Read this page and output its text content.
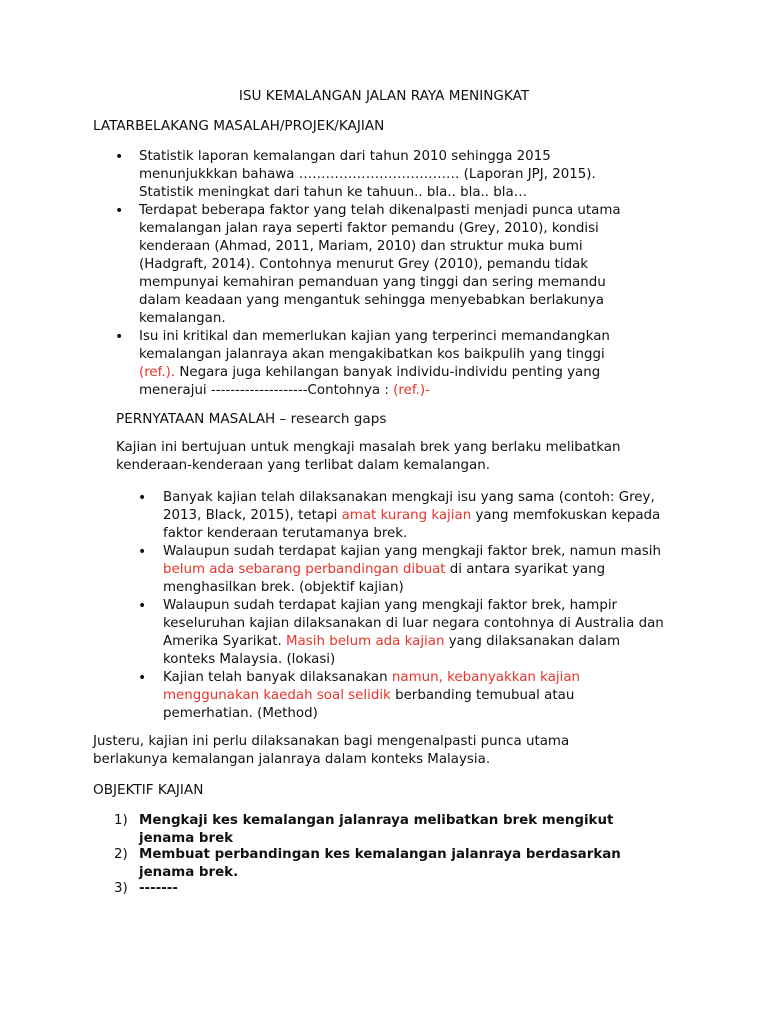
ISU KEMALANGAN JALAN RAYA MENINGKAT
LATARBELAKANG MASALAH/PROJEK/KAJIAN
• Statistik laporan kemalangan dari tahun 2010 sehingga 2015 menunjukkkan bahawa ……………………………… (Laporan JPJ, 2015). Statistik meningkat dari tahun ke tahuun.. bla.. bla.. bla…
• Terdapat beberapa faktor yang telah dikenalpasti menjadi punca utama kemalangan jalan raya seperti faktor pemandu (Grey, 2010), kondisi kenderaan (Ahmad, 2011, Mariam, 2010) dan struktur muka bumi (Hadgraft, 2014). Contohnya menurut Grey (2010), pemandu tidak mempunyai kemahiran pemanduan yang tinggi dan sering memandu dalam keadaan yang mengantuk sehingga menyebabkan berlakunya kemalangan.
• Isu ini kritikal dan memerlukan kajian yang terperinci memandangkan kemalangan jalanraya akan mengakibatkan kos baikpulih yang tinggi (ref.). Negara juga kehilangan banyak individu-individu penting yang menerajui --------------------Contohnya : (ref.)-
PERNYATAAN MASALAH – research gaps

Kajian ini bertujuan untuk mengkaji masalah brek yang berlaku melibatkan kenderaan-kenderaan yang terlibat dalam kemalangan.

• Banyak kajian telah dilaksanakan mengkaji isu yang sama (contoh: Grey, 2013, Black, 2015), tetapi amat kurang kajian yang memfokuskan kepada faktor kenderaan terutamanya brek.
• Walaupun sudah terdapat kajian yang mengkaji faktor brek, namun masih belum ada sebarang perbandingan dibuat di antara syarikat yang menghasilkan brek. (objektif kajian)
• Walaupun sudah terdapat kajian yang mengkaji faktor brek, hampir keseluruhan kajian dilaksanakan di luar negara contohnya di Australia dan Amerika Syarikat. Masih belum ada kajian yang dilaksanakan dalam konteks Malaysia. (lokasi)
• Kajian telah banyak dilaksanakan namun, kebanyakkan kajian menggunakan kaedah soal selidik berbanding temubual atau pemerhatian. (Method)

Justeru, kajian ini perlu dilaksanakan bagi mengenalpasti punca utama berlakunya kemalangan jalanraya dalam konteks Malaysia.

OBJEKTIF KAJIAN
1) Mengkaji kes kemalangan jalanraya melibatkan brek mengikut jenama brek
2) Membuat perbandingan kes kemalangan jalanraya berdasarkan jenama brek.
3) -------
